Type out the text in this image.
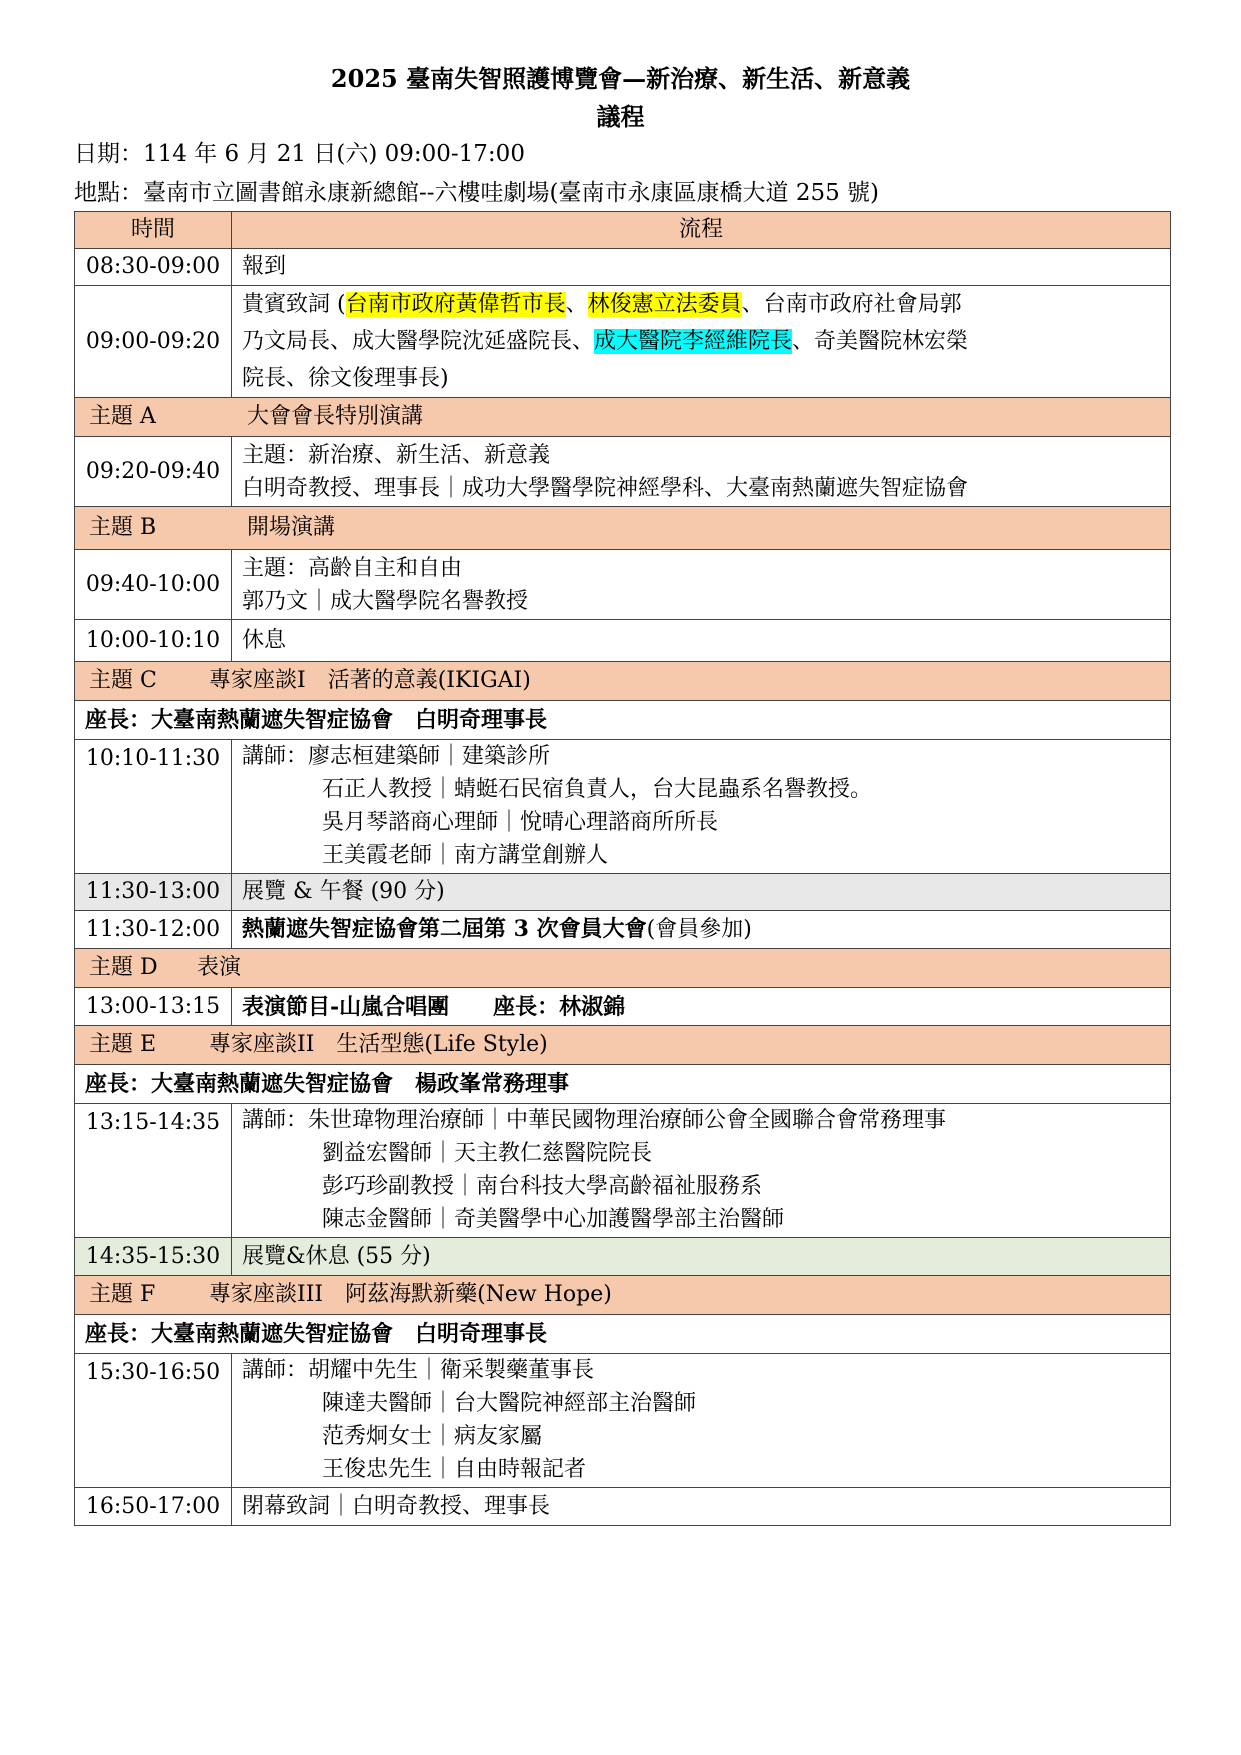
2025 臺南失智照護博覽會—新治療、新生活、新意義
議程
日期：114 年 6 月 21 日(六) 09:00-17:00
地點：臺南市立圖書館永康新總館--六樓哇劇場(臺南市永康區康橋大道 255 號)
時間	流程
08:30-09:00	報到
09:00-09:20	貴賓致詞 (台南市政府黃偉哲市長、林俊憲立法委員、台南市政府社會局郭
乃文局長、成大醫學院沈延盛院長、成大醫院李經維院長、奇美醫院林宏榮
院長、徐文俊理事長)

主題 A 大會會長特別演講	
09:20-09:40	主題：新治療、新生活、新意義
白明奇教授、理事長｜成功大學醫學院神經學科、大臺南熱蘭遮失智症協會

主題 B 開場演講	
09:40-10:00	主題：高齡自主和自由
郭乃文｜成大醫學院名譽教授

10:00-10:10	休息
主題 C 專家座談I　活著的意義(IKIGAI)	
座長：大臺南熱蘭遮失智症協會　白明奇理事長	
10:10-11:30	講師：廖志桓建築師｜建築診所
石正人教授｜蜻蜓石民宿負責人，台大昆蟲系名譽教授。
吳月琴諮商心理師｜悅晴心理諮商所所長
王美霞老師｜南方講堂創辦人

11:30-13:00	展覽 & 午餐 (90 分)
11:30-12:00	熱蘭遮失智症協會第二屆第 3 次會員大會(會員參加)
主題 D 表演	
13:00-13:15	表演節目-山嵐合唱團　　座長：林淑錦
主題 E 專家座談II　生活型態(Life Style)	
座長：大臺南熱蘭遮失智症協會　楊政峯常務理事	
13:15-14:35	講師：朱世瑋物理治療師｜中華民國物理治療師公會全國聯合會常務理事
劉益宏醫師｜天主教仁慈醫院院長
彭巧珍副教授｜南台科技大學高齡福祉服務系
陳志金醫師｜奇美醫學中心加護醫學部主治醫師

14:35-15:30	展覽&休息 (55 分)
主題 F 專家座談III　阿茲海默新藥(New Hope)	
座長：大臺南熱蘭遮失智症協會　白明奇理事長	
15:30-16:50	講師：胡耀中先生｜衛采製藥董事長
陳達夫醫師｜台大醫院神經部主治醫師
范秀炯女士｜病友家屬
王俊忠先生｜自由時報記者

16:50-17:00	閉幕致詞｜白明奇教授、理事長
